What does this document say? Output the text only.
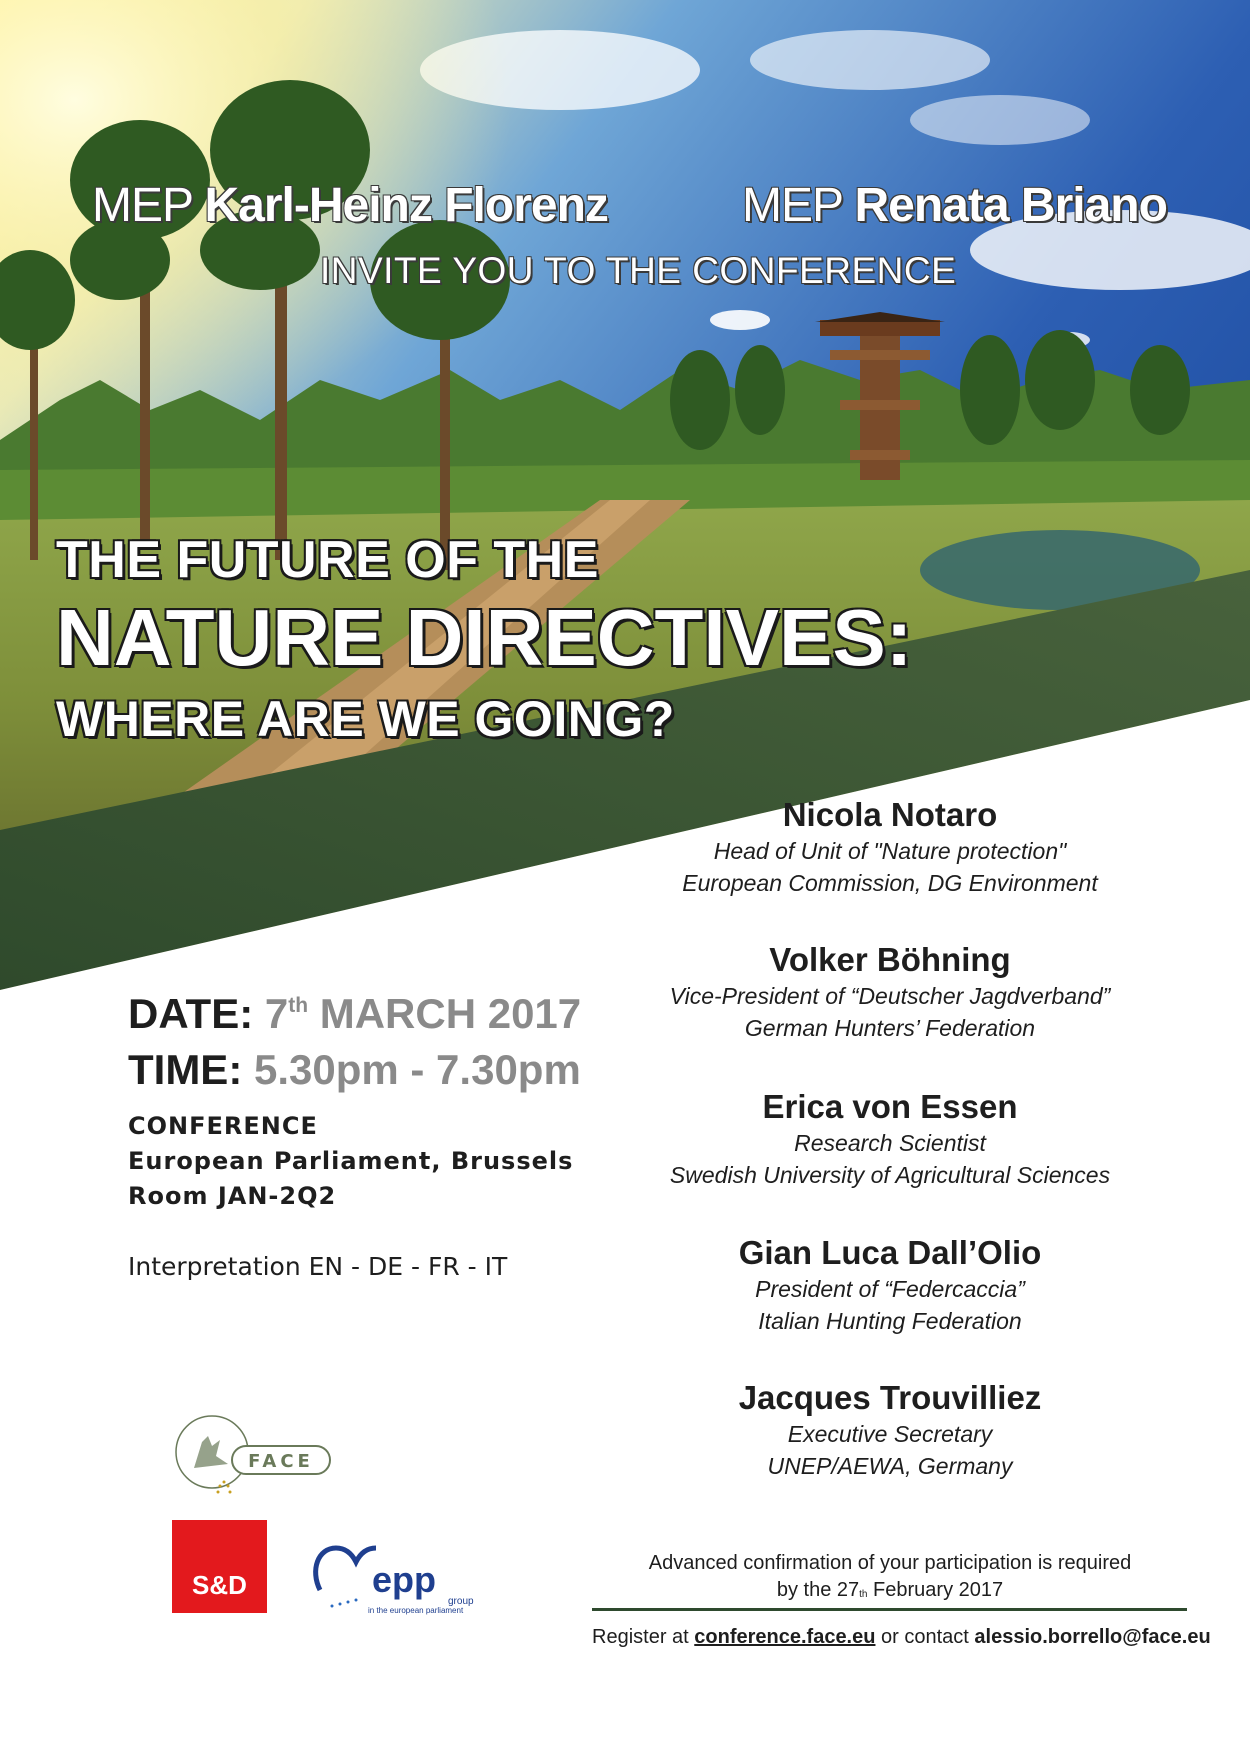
MEP Karl-Heinz Florenz	MEP Renata Briano
INVITE YOU TO THE CONFERENCE
THE FUTURE OF THE
NATURE DIRECTIVES:
WHERE ARE WE GOING?
DATE: 7th MARCH 2017
TIME: 5.30pm - 7.30pm
CONFERENCE
European Parliament, Brussels
Room JAN-2Q2
Interpretation EN - DE - FR - IT
Nicola Notaro
Head of Unit of "Nature protection"
European Commission, DG Environment
Volker Böhning
Vice-President of “Deutscher Jagdverband”
German Hunters’ Federation
Erica von Essen
Research Scientist
Swedish University of Agricultural Sciences
Gian Luca Dall’Olio
President of “Federcaccia”
Italian Hunting Federation
Jacques Trouvilliez
Executive Secretary
UNEP/AEWA, Germany
Advanced confirmation of your participation is required
by the 27th February 2017
Register at conference.face.eu or contact alessio.borrello@face.eu
FACE
S&D	epp
group
in the european parliament
